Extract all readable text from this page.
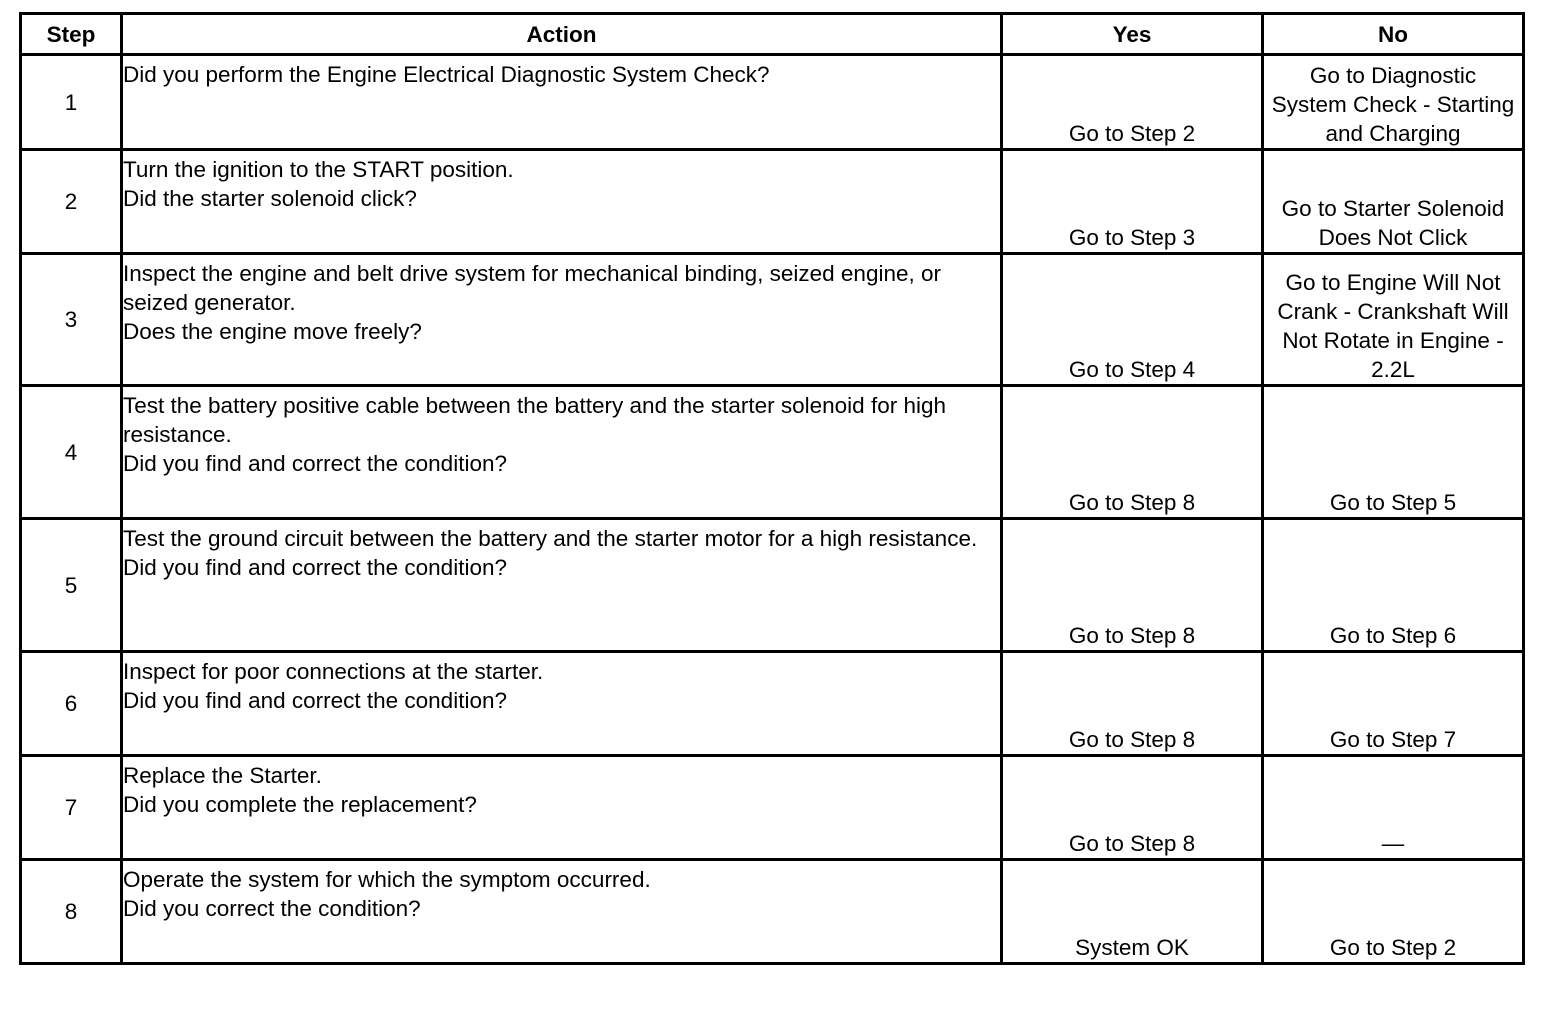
Step	Action	Yes	No
1	Did you perform the Engine Electrical Diagnostic System Check?	Go to Step 2	Go to Diagnostic System Check - Starting and Charging

2	Turn the ignition to the START position.
Did the starter solenoid click?	Go to Step 3	Go to Starter Solenoid Does Not Click

3	Inspect the engine and belt drive system for mechanical binding, seized engine, or seized generator.
Does the engine move freely?	Go to Step 4	Go to Engine Will Not Crank - Crankshaft Will Not Rotate in Engine - 2.2L

4	Test the battery positive cable between the battery and the starter solenoid for high resistance.
Did you find and correct the condition?	Go to Step 8	Go to Step 5
5	Test the ground circuit between the battery and the starter motor for a high resistance.
Did you find and correct the condition?	Go to Step 8	Go to Step 6
6	Inspect for poor connections at the starter.
Did you find and correct the condition?	Go to Step 8	Go to Step 7
7	Replace the Starter.
Did you complete the replacement?	Go to Step 8	—
8	Operate the system for which the symptom occurred.
Did you correct the condition?	System OK	Go to Step 2
